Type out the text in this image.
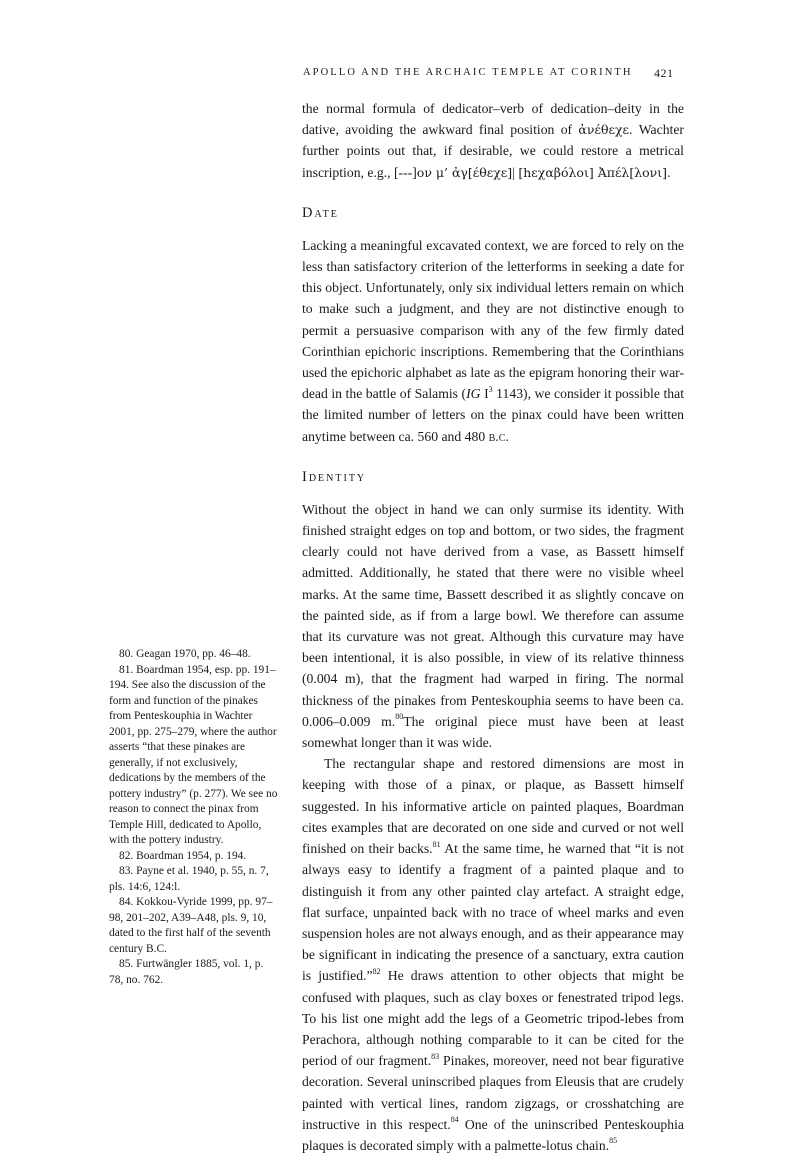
APOLLO AND THE ARCHAIC TEMPLE AT CORINTH	421

the normal formula of dedicator–verb of dedication–deity in the dative, avoiding the awkward final position of ἀνέθεχε. Wachter further points out that, if desirable, we could restore a metrical inscription, e.g., [---]ον μ’ ἀγ[έθεχε]| [hεχαβόλοι] Ἀπέλ[λονι].

Date

Lacking a meaningful excavated context, we are forced to rely on the less than satisfactory criterion of the letterforms in seeking a date for this object. Unfortunately, only six individual letters remain on which to make such a judgment, and they are not distinctive enough to permit a persuasive comparison with any of the few firmly dated Corinthian epichoric inscriptions. Remembering that the Corinthians used the epichoric alphabet as late as the epigram honoring their war-dead in the battle of Salamis (IG $I^3$ 1143), we consider it possible that the limited number of letters on the pinax could have been written anytime between ca. 560 and 480 b.c.

Identity

Without the object in hand we can only surmise its identity. With finished straight edges on top and bottom, or two sides, the fragment clearly could not have derived from a vase, as Bassett himself admitted. Additionally, he stated that there were no visible wheel marks. At the same time, Bassett described it as slightly concave on the painted side, as if from a large bowl. We therefore can assume that its curvature was not great. Although this curvature may have been intentional, it is also possible, in view of its relative thinness (0.004 m), that the fragment had warped in firing. The normal thickness of the pinakes from Penteskouphia seems to have been ca. 0.006–0.009 m.$^{80}$The original piece must have been at least somewhat longer than it was wide.

The rectangular shape and restored dimensions are most in keeping with those of a pinax, or plaque, as Bassett himself suggested. In his informative article on painted plaques, Boardman cites examples that are decorated on one side and curved or not well finished on their backs.$^{81}$ At the same time, he warned that “it is not always easy to identify a fragment of a painted plaque and to distinguish it from any other painted clay artefact. A straight edge, flat surface, unpainted back with no trace of wheel marks and even suspension holes are not always enough, and as their appearance may be significant in indicating the presence of a sanctuary, extra caution is justified.”$^{82}$ He draws attention to other objects that might be confused with plaques, such as clay boxes or fenestrated tripod legs. To his list one might add the legs of a Geometric tripod-lebes from Perachora, although nothing comparable to it can be cited for the period of our fragment.$^{83}$ Pinakes, moreover, need not bear figurative decoration. Several uninscribed plaques from Eleusis that are crudely painted with vertical lines, random zigzags, or crosshatching are instructive in this respect.$^{84}$ One of the uninscribed Penteskouphia plaques is decorated simply with a palmette-lotus chain.$^{85}$

80. Geagan 1970, pp. 46–48.

81. Boardman 1954, esp. pp. 191–194. See also the discussion of the form and function of the pinakes from Penteskouphia in Wachter 2001, pp. 275–279, where the author asserts “that these pinakes are generally, if not exclusively, dedications by the members of the pottery industry” (p. 277). We see no reason to connect the pinax from Temple Hill, dedicated to Apollo, with the pottery industry.

82. Boardman 1954, p. 194.

83. Payne et al. 1940, p. 55, n. 7, pls. 14:6, 124:l.

84. Kokkou-Vyride 1999, pp. 97–98, 201–202, A39–A48, pls. 9, 10, dated to the first half of the seventh century B.C.

85. Furtwängler 1885, vol. 1, p. 78, no. 762.
